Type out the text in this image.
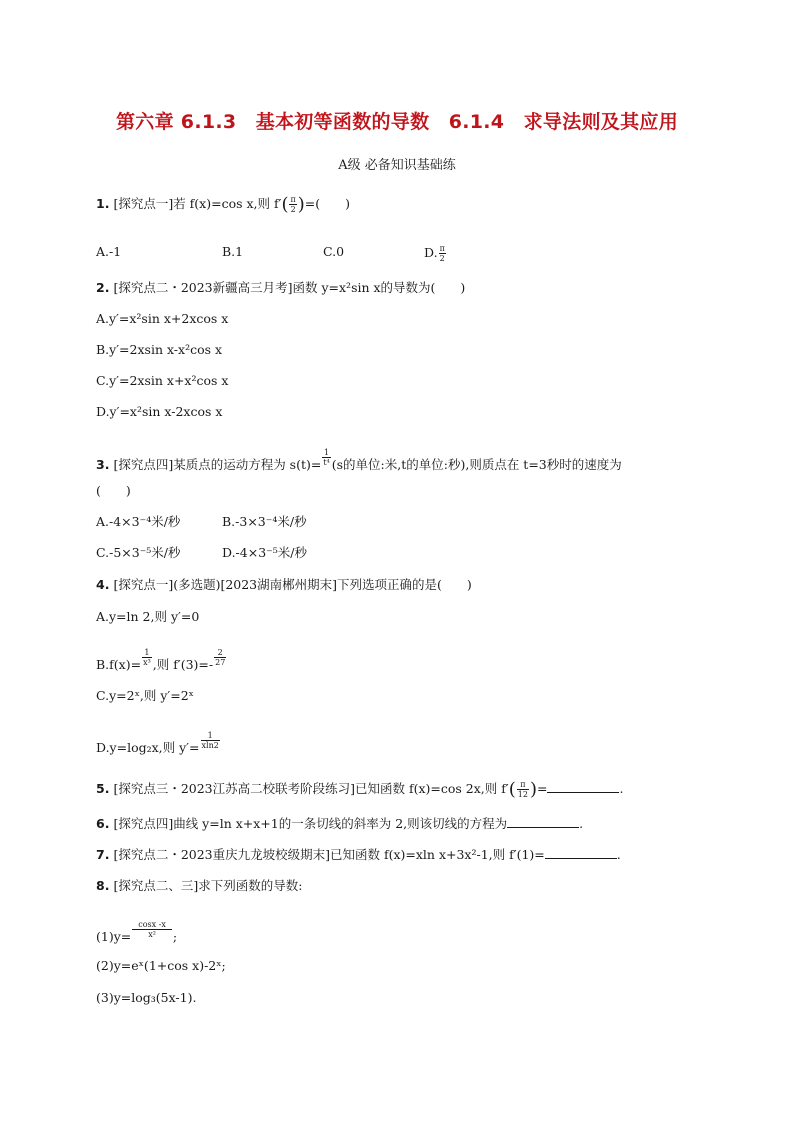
第六章 6.1.3　基本初等函数的导数　6.1.4　求导法则及其应用
A级 必备知识基础练
1. [探究点一]若 f(x)=cos x,则 $f'( \frac{\pi}{2}$ )=(　　)
A.-1	B.1	C.0	D. $\frac{\pi}{2}$
2. [探究点二・2023新疆高三月考]函数 y=x²sin x的导数为(　　)
A.y′=x²sin x+2xcos x
B.y′=2xsin x-x²cos x
C.y′=2xsin x+x²cos x
D.y′=x²sin x-2xcos x
3. [探究点四]某质点的运动方程为 $s(t)= \frac{1}{\text{t⁴}} (s$的单位:米,t的单位:秒),则质点在 t=3秒时的速度为
(　　)
A.-4×3⁻⁴米/秒	B.-3×3⁻⁴米/秒
C.-5×3⁻⁵米/秒	D.-4×3⁻⁵米/秒
4. [探究点一](多选题)[2023湖南郴州期末]下列选项正确的是(　　)
A.y=ln 2,则 y′=0
$B.f(x)= \frac{1}{\text{x³}}$ ,则 $f'(3)=- \frac{2}{27}$
C.y=2ˣ,则 y′=2ˣ
D.y=log₂x,则 $y'= \frac{1}{xln2}$
5. [探究点三・2023江苏高二校联考阶段练习]已知函数 f(x)=cos 2x,则 $f'( \frac{\pi}{12}$ )=	.
6. [探究点四]曲线 y=ln x+x+1的一条切线的斜率为 2,则该切线的方程为	.
7. [探究点二・2023重庆九龙坡校级期末]已知函数 f(x)=xln x+3x²-1,则 f′(1)=	.
8. [探究点二、三]求下列函数的导数:
$(1)y= \frac{\cos x -x}{\text{x²}}$ ;
(2)y=eˣ(1+cos x)-2ˣ;
(3)y=log₃(5x-1).
